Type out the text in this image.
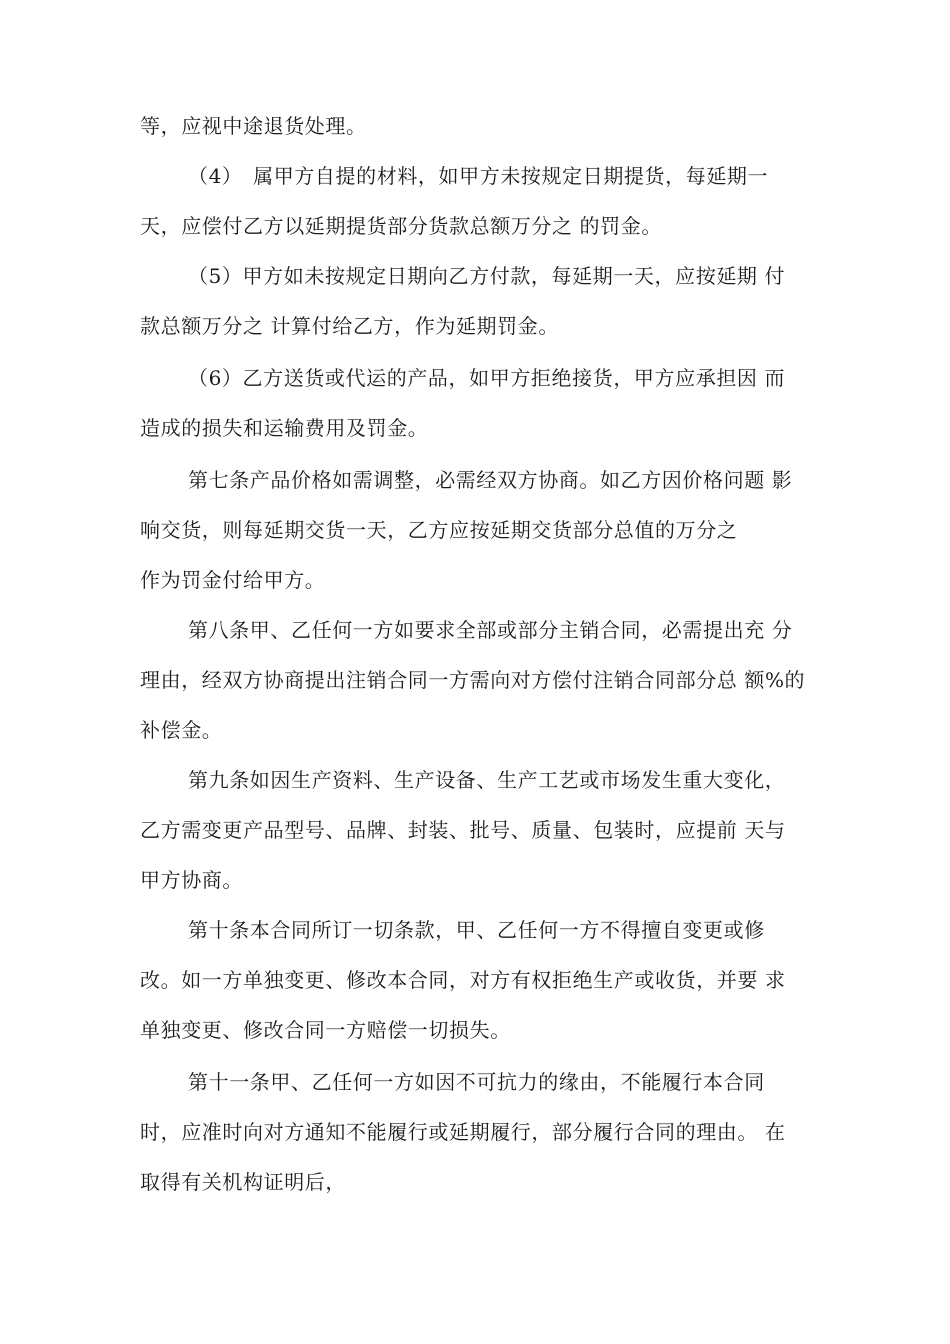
等，应视中途退货处理。
（4）　属甲方自提的材料，如甲方未按规定日期提货，每延期一
天，应偿付乙方以延期提货部分货款总额万分之 的罚金。
（5）甲方如未按规定日期向乙方付款，每延期一天，应按延期 付
款总额万分之 计算付给乙方，作为延期罚金。
（6）乙方送货或代运的产品，如甲方拒绝接货，甲方应承担因 而
造成的损失和运输费用及罚金。
第七条产品价格如需调整，必需经双方协商。如乙方因价格问题 影
响交货，则每延期交货一天，乙方应按延期交货部分总值的万分之
作为罚金付给甲方。
第八条甲、乙任何一方如要求全部或部分主销合同，必需提出充 分
理由，经双方协商提出注销合同一方需向对方偿付注销合同部分总 额%的
补偿金。
第九条如因生产资料、生产设备、生产工艺或市场发生重大变化，
乙方需变更产品型号、品牌、封装、批号、质量、包装时，应提前 天与
甲方协商。
第十条本合同所订一切条款，甲、乙任何一方不得擅自变更或修
改。如一方单独变更、修改本合同，对方有权拒绝生产或收货，并要 求
单独变更、修改合同一方赔偿一切损失。
第十一条甲、乙任何一方如因不可抗力的缘由，不能履行本合同
时，应准时向对方通知不能履行或延期履行，部分履行合同的理由。 在
取得有关机构证明后，
